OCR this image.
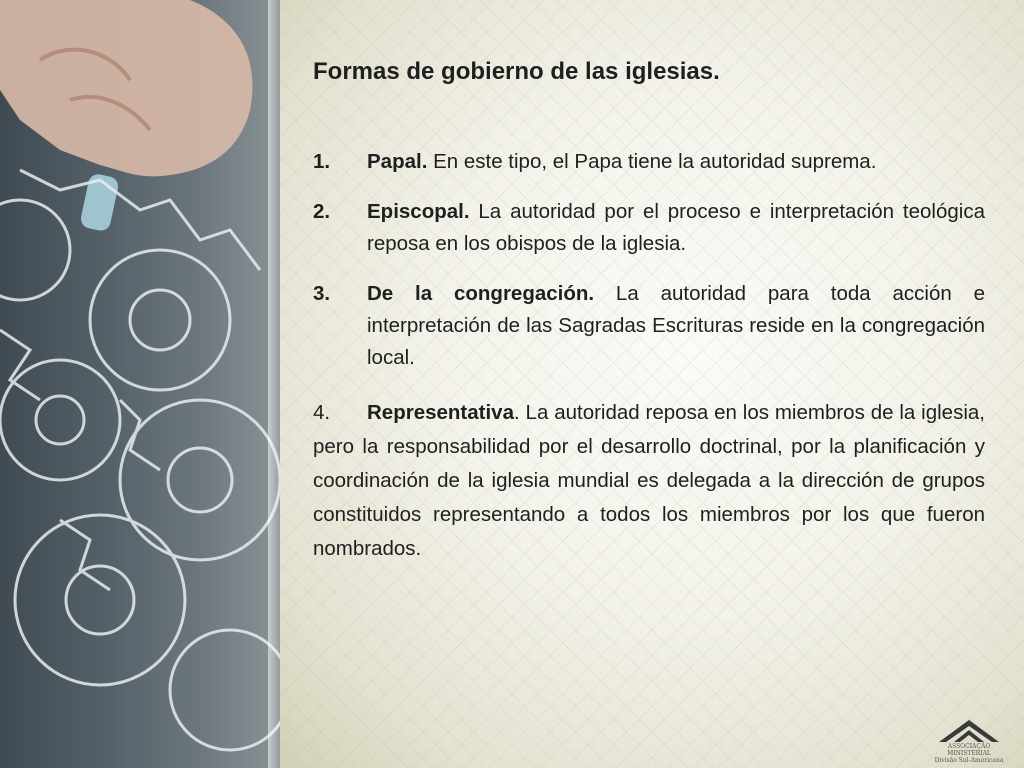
Formas de gobierno de las iglesias.
1.	Papal. En este tipo, el Papa tiene la autoridad suprema.
2.	Episcopal. La autoridad por el proceso e interpretación teológica reposa en los obispos de la iglesia.
3.	De la congregación. La autoridad para toda acción e interpretación de las Sagradas Escrituras reside en la congregación local.

4. Representativa. La autoridad reposa en los miembros de la iglesia, pero la responsabilidad por el desarrollo doctrinal, por la planificación y coordinación de la iglesia mundial es delegada a la dirección de grupos constituidos representando a todos los miembros por los que fueron nombrados.

ASSOCIAÇÃO MINISTERIAL
Divisão Sul-Americana
